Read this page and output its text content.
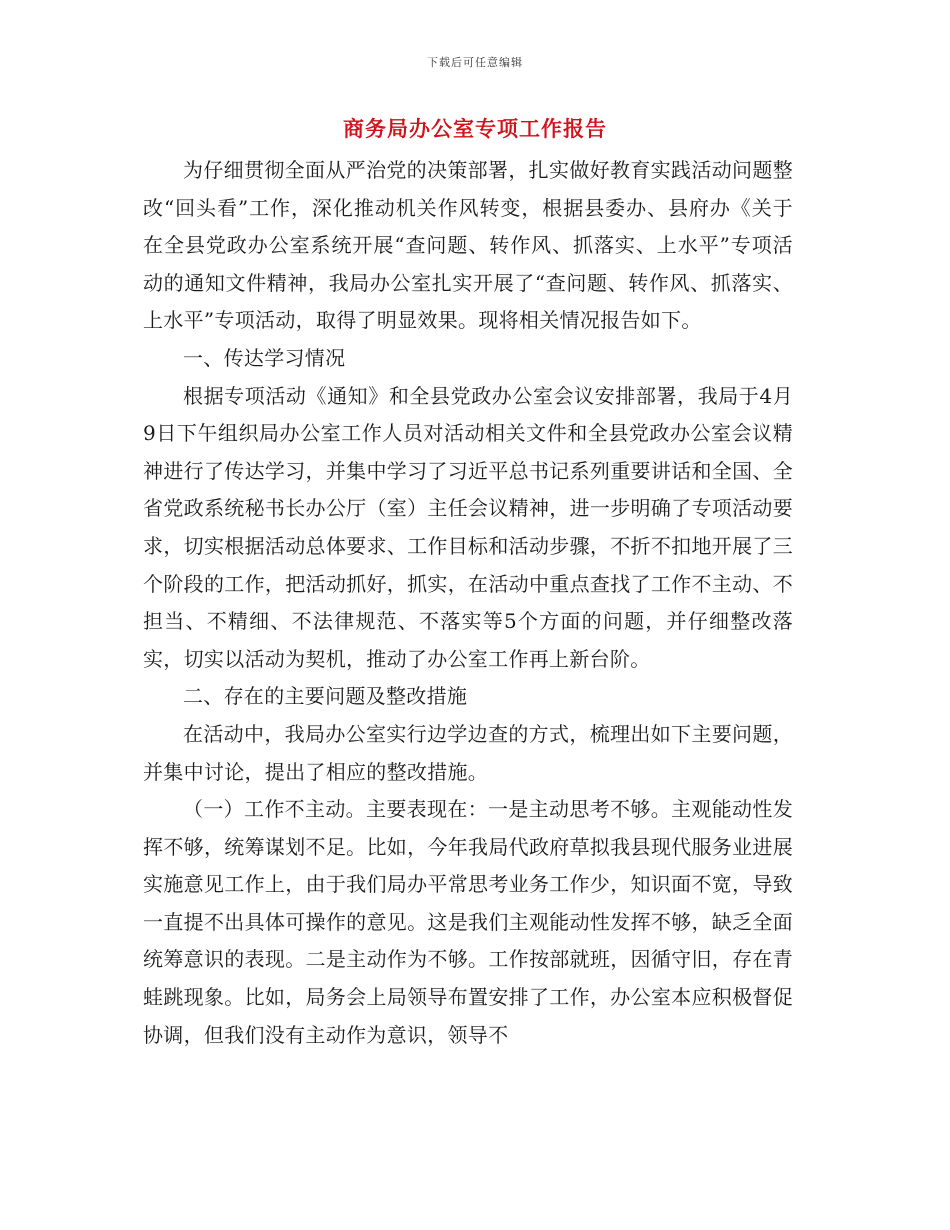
下载后可任意编辑
商务局办公室专项工作报告

为仔细贯彻全面从严治党的决策部署，扎实做好教育实践活动问题整改“回头看”工作，深化推动机关作风转变，根据县委办、县府办《关于在全县党政办公室系统开展“查问题、转作风、抓落实、上水平”专项活动的通知文件精神，我局办公室扎实开展了“查问题、转作风、抓落实、上水平”专项活动，取得了明显效果。现将相关情况报告如下。

一、传达学习情况

根据专项活动《通知》和全县党政办公室会议安排部署，我局于4月9日下午组织局办公室工作人员对活动相关文件和全县党政办公室会议精神进行了传达学习，并集中学习了习近平总书记系列重要讲话和全国、全省党政系统秘书长办公厅（室）主任会议精神，进一步明确了专项活动要求，切实根据活动总体要求、工作目标和活动步骤，不折不扣地开展了三个阶段的工作，把活动抓好，抓实，在活动中重点查找了工作不主动、不担当、不精细、不法律规范、不落实等5个方面的问题，并仔细整改落实，切实以活动为契机，推动了办公室工作再上新台阶。

二、存在的主要问题及整改措施

在活动中，我局办公室实行边学边查的方式，梳理出如下主要问题，并集中讨论，提出了相应的整改措施。

（一）工作不主动。主要表现在：一是主动思考不够。主观能动性发挥不够，统筹谋划不足。比如，今年我局代政府草拟我县现代服务业进展实施意见工作上，由于我们局办平常思考业务工作少，知识面不宽，导致一直提不出具体可操作的意见。这是我们主观能动性发挥不够，缺乏全面统筹意识的表现。二是主动作为不够。工作按部就班，因循守旧，存在青蛙跳现象。比如，局务会上局领导布置安排了工作，办公室本应积极督促协调，但我们没有主动作为意识，领导不
